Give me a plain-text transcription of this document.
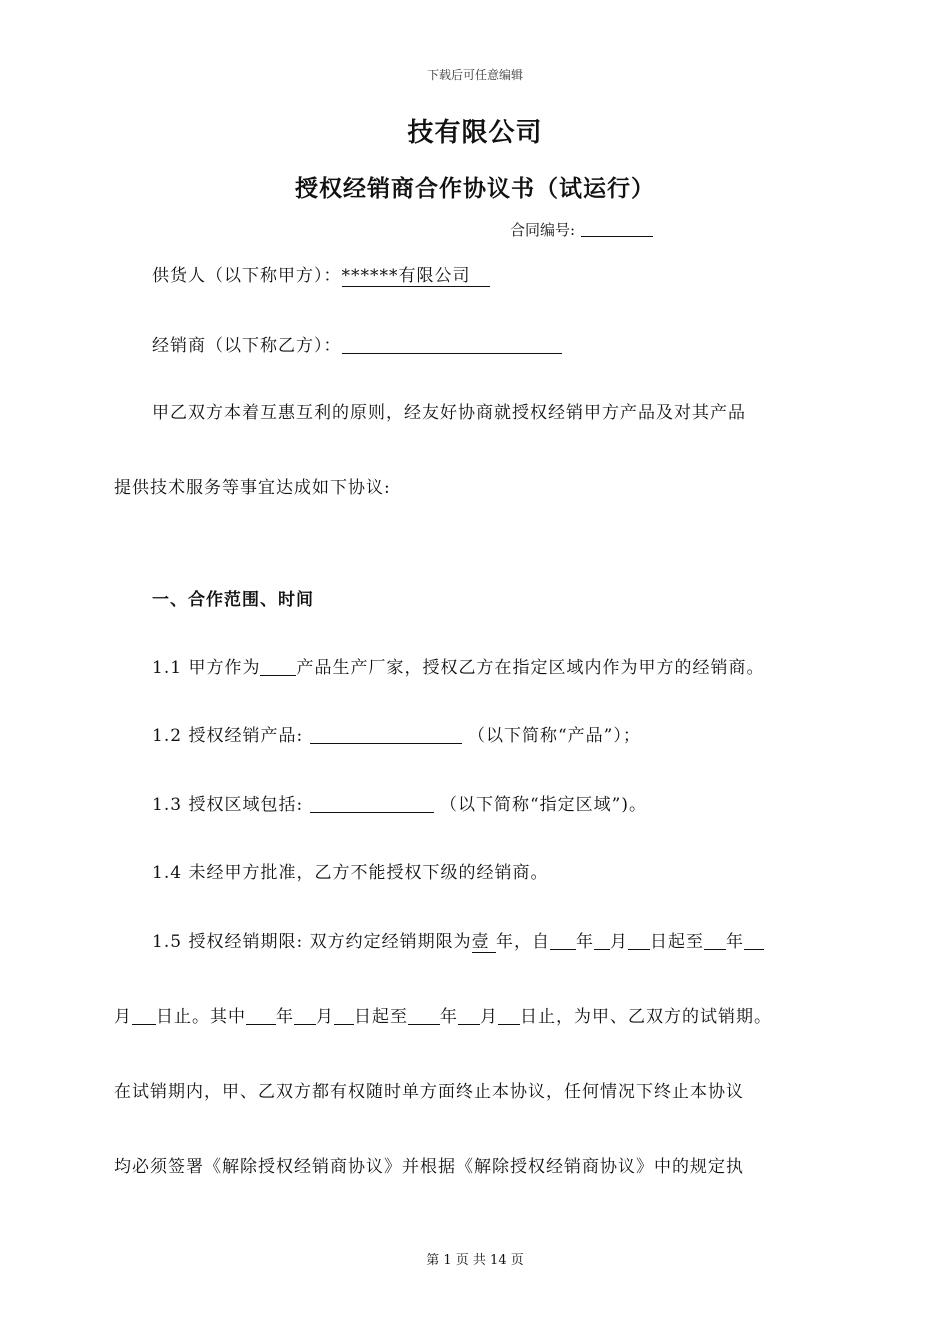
下载后可任意编辑
技有限公司
授权经销商合作协议书（试运行）
合同编号:
供货人（以下称甲方）：******有限公司
经销商（以下称乙方）：
甲乙双方本着互惠互利的原则，经友好协商就授权经销甲方产品及对其产品
提供技术服务等事宜达成如下协议:
一、合作范围、时间
1.1 甲方作为 产品生产厂家，授权乙方在指定区域内作为甲方的经销商。
1.2 授权经销产品:	（以下简称“产品”）；
1.3 授权区域包括:	（以下简称“指定区域”)。
1.4 未经甲方批准，乙方不能授权下级的经销商。
1.5 授权经销期限: 双方约定经销期限为壹 年，自 年 月 日起至 年
月 日止。其中 年 月 日起至 年 月 日止，为甲、乙双方的试销期。
在试销期内，甲、乙双方都有权随时单方面终止本协议，任何情况下终止本协议
均必须签署《解除授权经销商协议》并根据《解除授权经销商协议》中的规定执
第 1 页 共 14 页
